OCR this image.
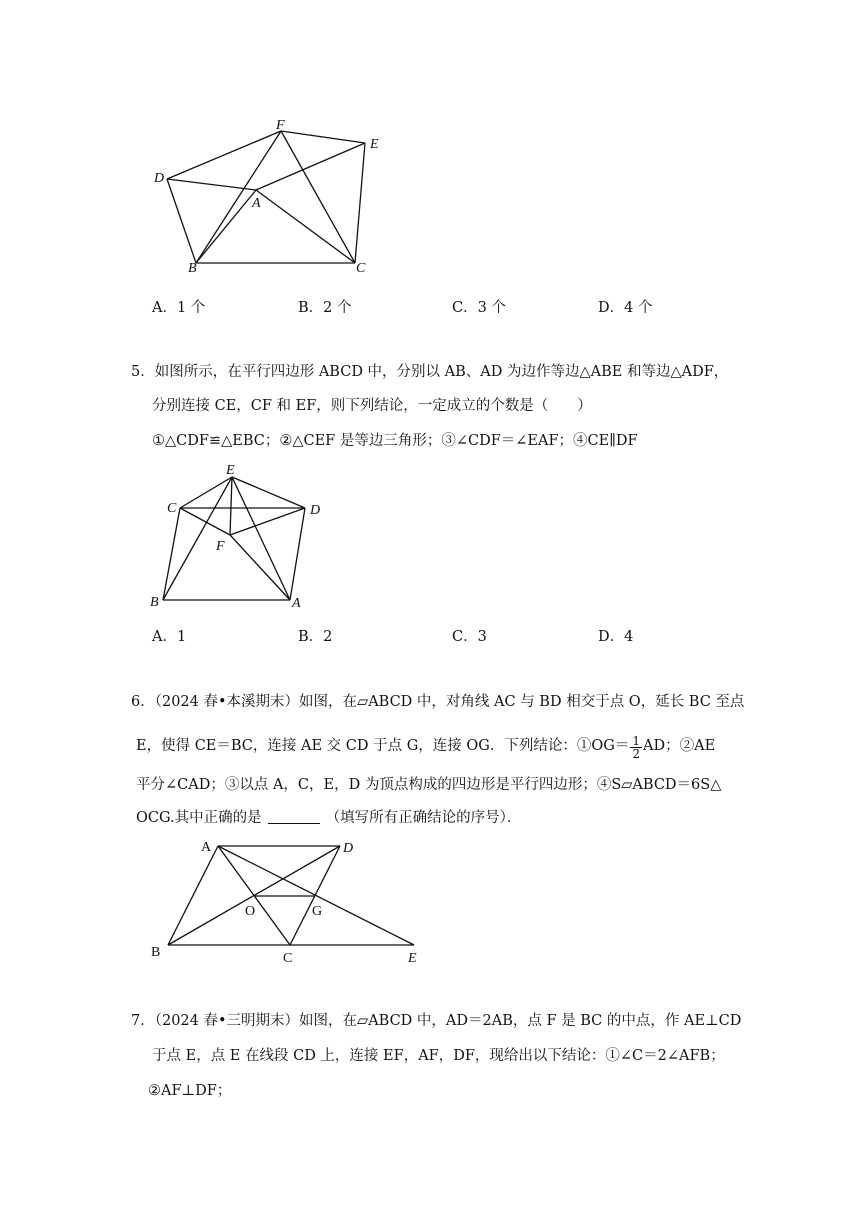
F
E
D
A
B	C
A．1 个	B．2 个	C．3 个	D．4 个
5．如图所示，在平行四边形 ABCD 中，分别以 AB、AD 为边作等边△ABE 和等边△ADF，
分别连接 CE，CF 和 EF，则下列结论，一定成立的个数是（　　）
①△CDF≌△EBC；②△CEF 是等边三角形；③∠CDF＝∠EAF；④CE∥DF
E
C	D
F
B	A
A．1	B．2	C．3	D．4
6．（2024 春•本溪期末）如图，在▱ABCD 中，对角线 AC 与 BD 相交于点 O，延长 BC 至点
E，使得 CE＝BC，连接 AE 交 CD 于点 G，连接 OG．下列结论：①OG＝ $\frac{1}{2}$ AD；②AE
平分∠CAD；③以点 A，C，E，D 为顶点构成的四边形是平行四边形；④S▱ABCD＝6S△
OCG.其中正确的是	（填写所有正确结论的序号）．
A	D
O	G
B	C	E
7．（2024 春•三明期末）如图，在▱ABCD 中，AD＝2AB，点 F 是 BC 的中点，作 AE⊥CD
于点 E，点 E 在线段 CD 上，连接 EF，AF，DF，现给出以下结论：①∠C＝2∠AFB；
②AF⊥DF；
